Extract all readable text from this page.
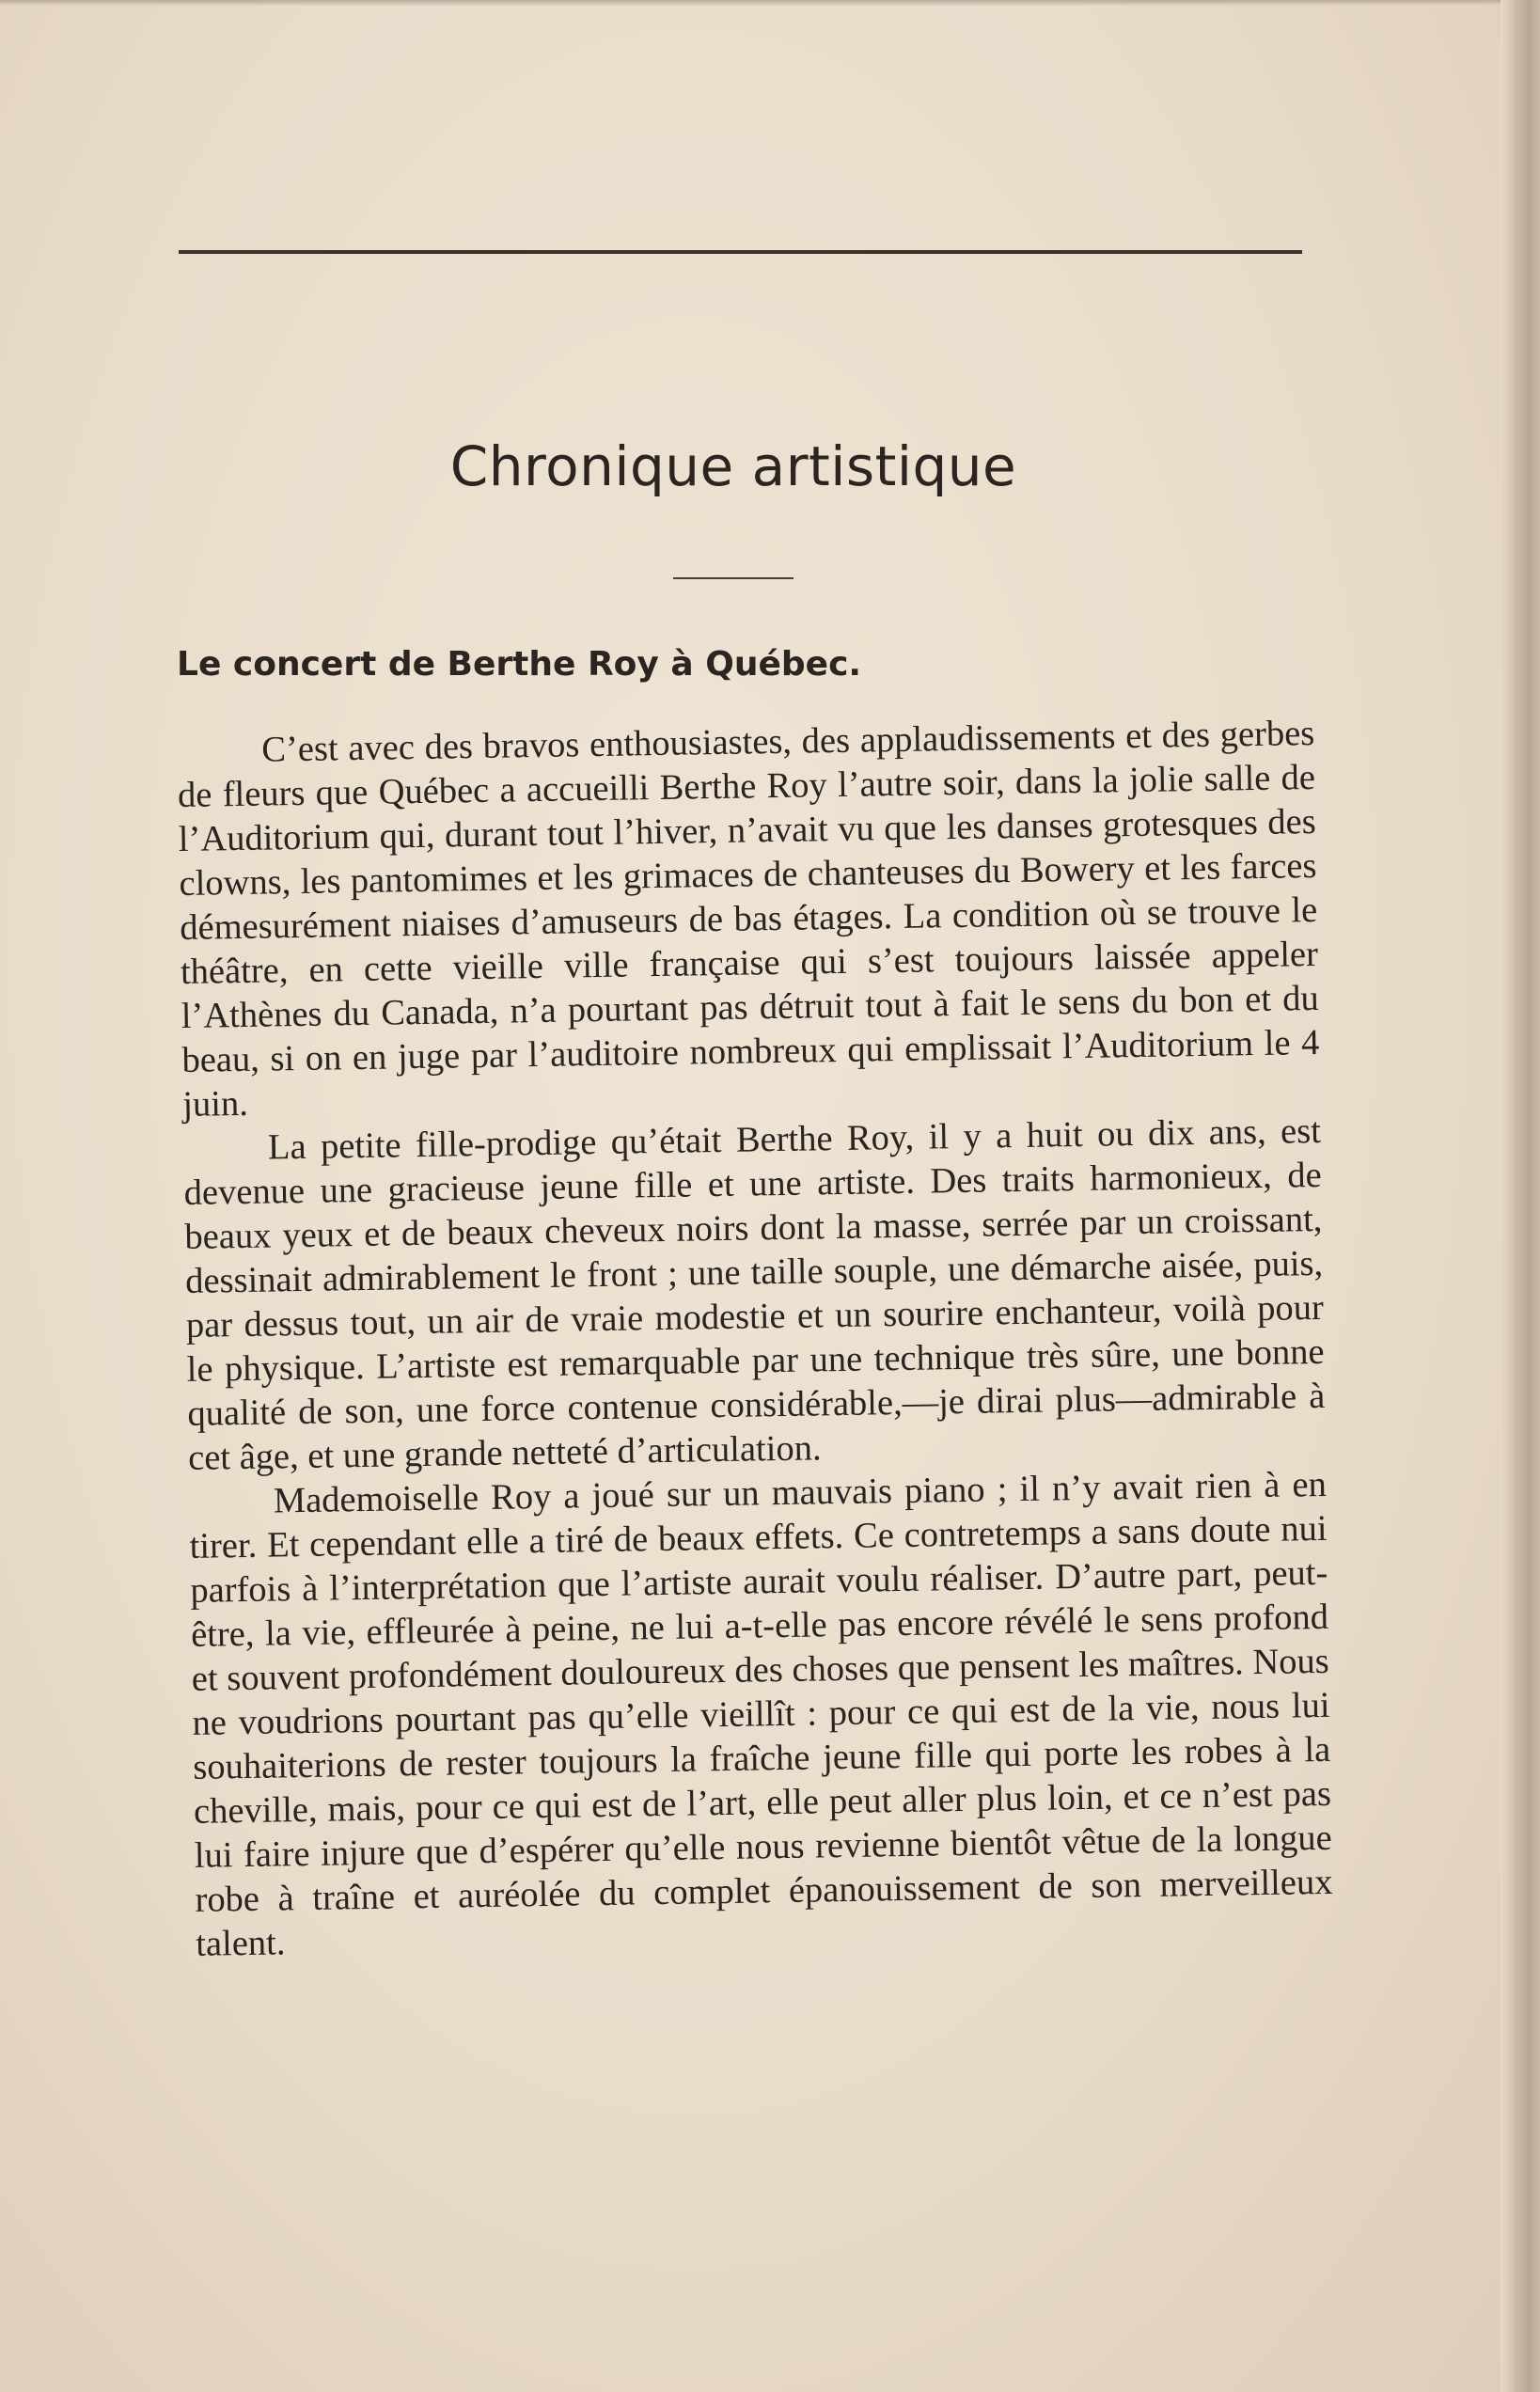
Chronique artistique
Le concert de Berthe Roy à Québec.

C’est avec des bravos enthousiastes, des applaudissements et des gerbes de fleurs que Québec a accueilli Berthe Roy l’autre soir, dans la jolie salle de l’Auditorium qui, durant tout l’hiver, n’avait vu que les danses grotesques des clowns, les pantomimes et les grimaces de chanteuses du Bowery et les farces démesurément niaises d’amuseurs de bas étages. La condition où se trouve le théâtre, en cette vieille ville française qui s’est toujours laissée appeler l’Athènes du Canada, n’a pourtant pas détruit tout à fait le sens du bon et du beau, si on en juge par l’auditoire nombreux qui emplissait l’Auditorium le 4 juin.

La petite fille-prodige qu’était Berthe Roy, il y a huit ou dix ans, est devenue une gracieuse jeune fille et une artiste. Des traits harmonieux, de beaux yeux et de beaux cheveux noirs dont la masse, serrée par un croissant, dessinait admirablement le front ; une taille souple, une démarche aisée, puis, par dessus tout, un air de vraie modestie et un sourire enchanteur, voilà pour le physique. L’artiste est remarquable par une technique très sûre, une bonne qualité de son, une force contenue considérable,—je dirai plus—admirable à cet âge, et une grande netteté d’articulation.

Mademoiselle Roy a joué sur un mauvais piano ; il n’y avait rien à en tirer. Et cependant elle a tiré de beaux effets. Ce contretemps a sans doute nui parfois à l’interprétation que l’artiste aurait voulu réaliser. D’autre part, peut-être, la vie, effleurée à peine, ne lui a-t-elle pas encore révélé le sens profond et souvent profondément douloureux des choses que pensent les maîtres. Nous ne voudrions pourtant pas qu’elle vieillît : pour ce qui est de la vie, nous lui souhaiterions de rester toujours la fraîche jeune fille qui porte les robes à la cheville, mais, pour ce qui est de l’art, elle peut aller plus loin, et ce n’est pas lui faire injure que d’espérer qu’elle nous revienne bientôt vêtue de la longue robe à traîne et auréolée du complet épanouissement de son merveilleux talent.
